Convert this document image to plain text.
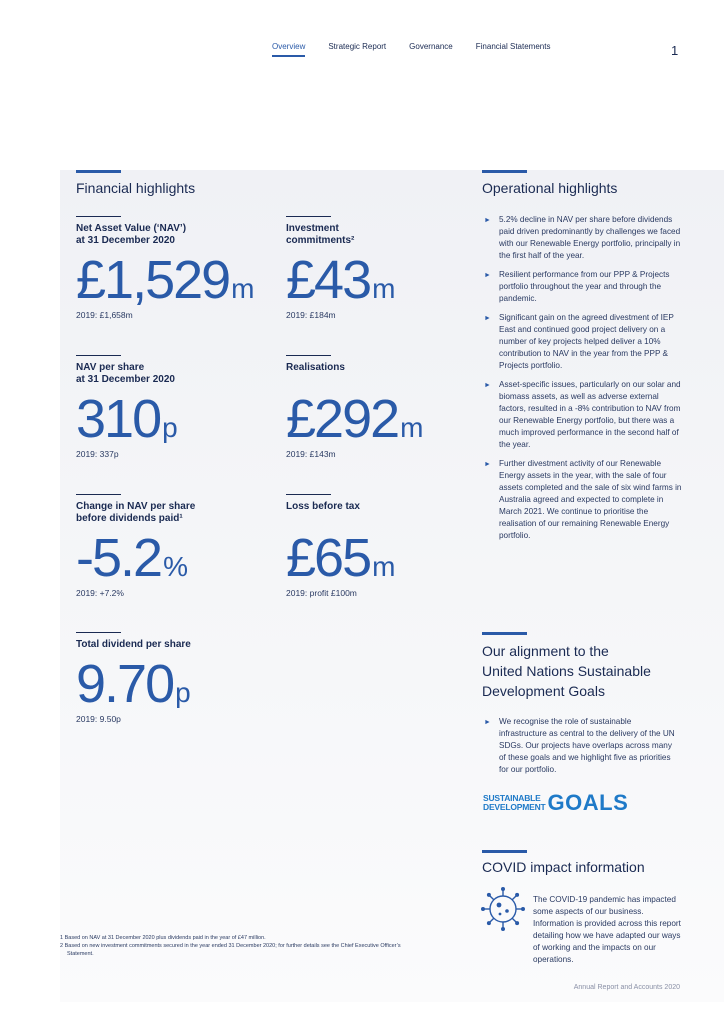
Overview	Strategic Report	Governance	Financial Statements	1
Financial highlights
Net Asset Value (‘NAV’)
at 31 December 2020
£1,529m
2019: £1,658m
Investment
commitments²
£43m
2019: £184m
NAV per share
at 31 December 2020
310p
2019: 337p
Realisations
£292m
2019: £143m
Change in NAV per share
before dividends paid¹
-5.2%
2019: +7.2%
Loss before tax
£65m
2019: profit £100m
Total dividend per share
9.70p
2019: 9.50p
Operational highlights
► 5.2% decline in NAV per share before dividends paid driven predominantly by challenges we faced with our Renewable Energy portfolio, principally in the first half of the year.
► Resilient performance from our PPP & Projects portfolio throughout the year and through the pandemic.
► Significant gain on the agreed divestment of IEP East and continued good project delivery on a number of key projects helped deliver a 10% contribution to NAV in the year from the PPP & Projects portfolio.
► Asset-specific issues, particularly on our solar and biomass assets, as well as adverse external factors, resulted in a -8% contribution to NAV from our Renewable Energy portfolio, but there was a much improved performance in the second half of the year.
► Further divestment activity of our Renewable Energy assets in the year, with the sale of four assets completed and the sale of six wind farms in Australia agreed and expected to complete in March 2021. We continue to prioritise the realisation of our remaining Renewable Energy portfolio.
Our alignment to the
United Nations Sustainable
Development Goals
► We recognise the role of sustainable infrastructure as central to the delivery of the UN SDGs. Our projects have overlaps across many of these goals and we highlight five as priorities for our portfolio.
SUSTAINABLE
DEVELOPMENT GOALS
COVID impact information
The COVID-19 pandemic has impacted some aspects of our business. Information is provided across this report detailing how we have adapted our ways of working and the impacts on our operations.
1 Based on NAV at 31 December 2020 plus dividends paid in the year of £47 million.
2 Based on new investment commitments secured in the year ended 31 December 2020; for further details see the Chief Executive Officer’s Statement.
Annual Report and Accounts 2020
